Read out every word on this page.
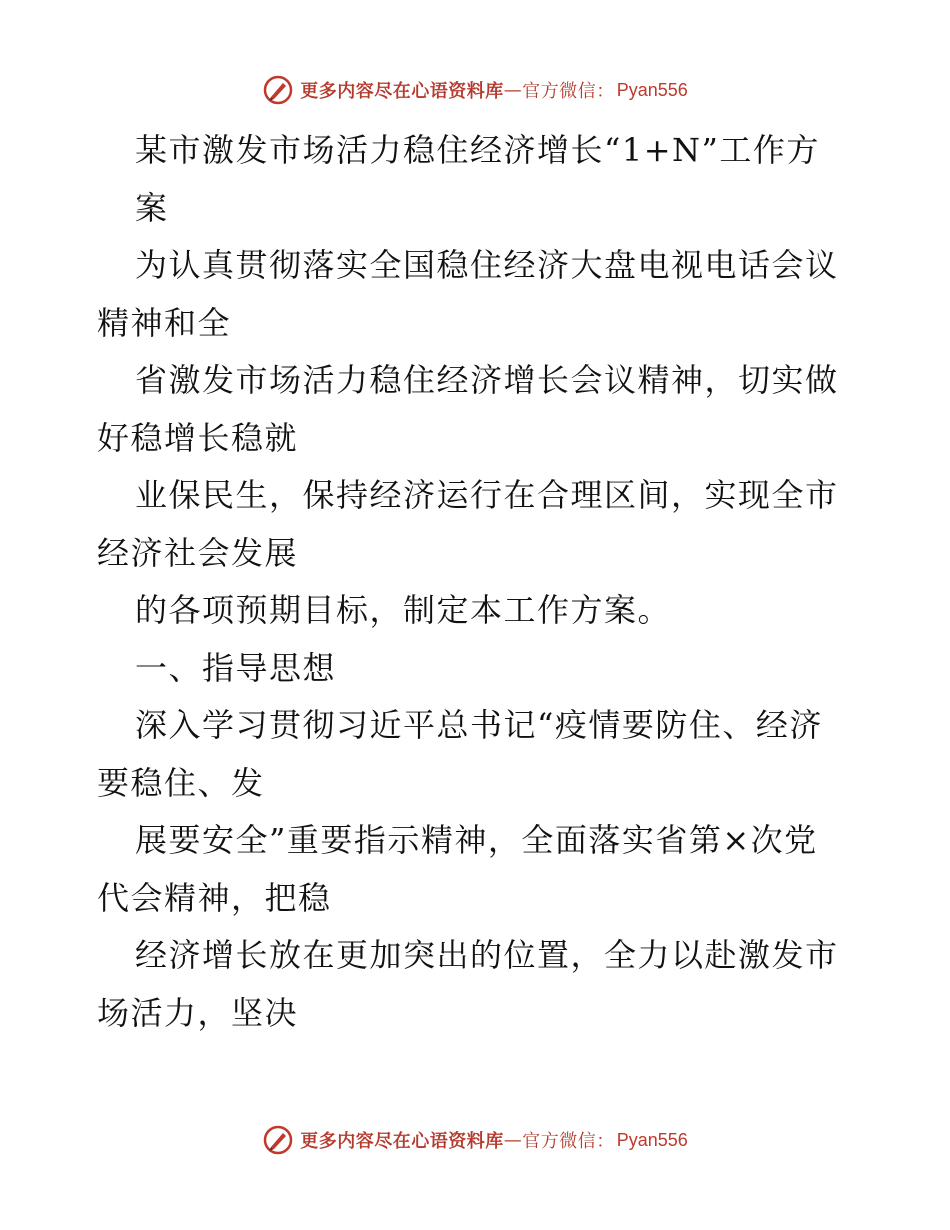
更多内容尽在心语资料库 — 官方微信： Pyan556
某市激发市场活力稳住经济增长“1+N”工作方
案
为认真贯彻落实全国稳住经济大盘电视电话会议
精神和全
省激发市场活力稳住经济增长会议精神，切实做
好稳增长稳就
业保民生，保持经济运行在合理区间，实现全市
经济社会发展
的各项预期目标，制定本工作方案。
一、指导思想
深入学习贯彻习近平总书记“疫情要防住、经济
要稳住、发
展要安全”重要指示精神，全面落实省第×次党
代会精神，把稳
经济增长放在更加突出的位置，全力以赴激发市
场活力，坚决
更多内容尽在心语资料库 — 官方微信： Pyan556
